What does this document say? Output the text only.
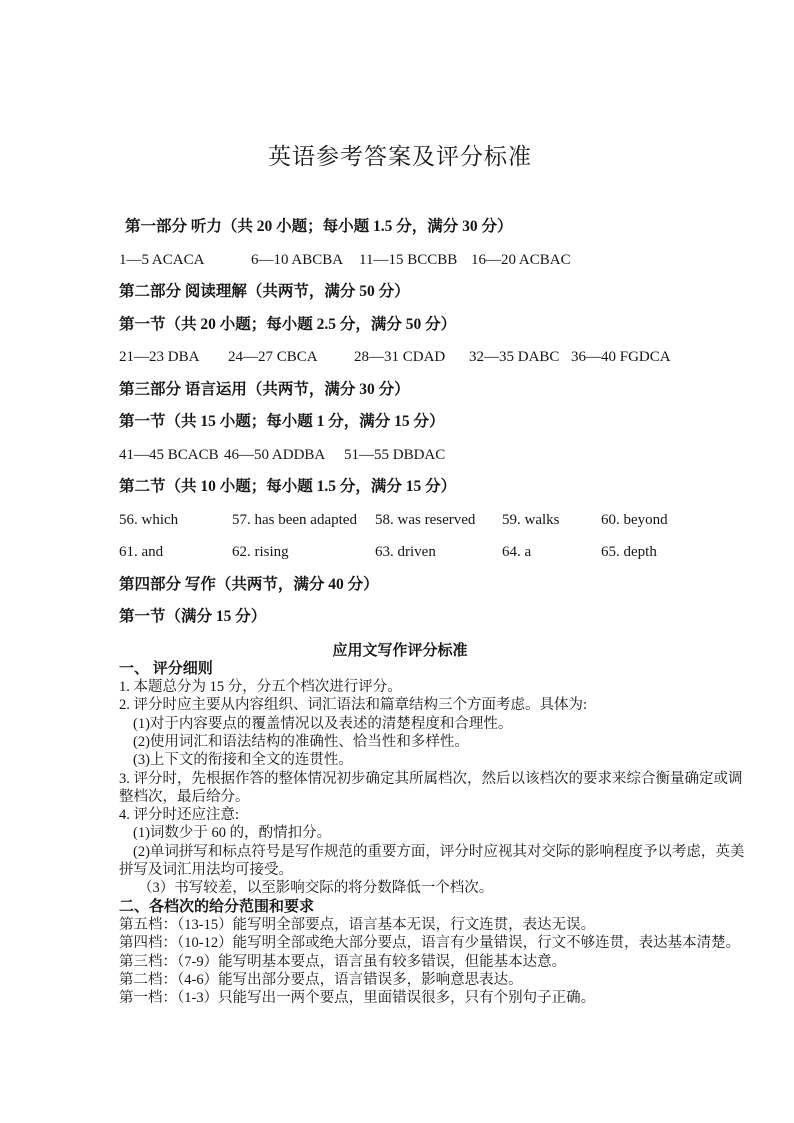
英语参考答案及评分标准
第一部分 听力（共 20 小题；每小题 1.5 分，满分 30 分）
1—5 ACACA	6—10 ABCBA	11—15 BCCBB 16—20 ACBAC
第二部分 阅读理解（共两节，满分 50 分）
第一节（共 20 小题；每小题 2.5 分，满分 50 分）
21—23 DBA	24—27 CBCA	28—31 CDAD	32—35 DABC 36—40 FGDCA
第三部分 语言运用（共两节，满分 30 分）
第一节（共 15 小题；每小题 1 分，满分 15 分）
41—45 BCACB 46—50 ADDBA	51—55 DBDAC
第二节（共 10 小题；每小题 1.5 分，满分 15 分）
56. which	57. has been adapted	58. was reserved	59. walks	60. beyond
61. and	62. rising	63. driven	64. a	65. depth
第四部分 写作（共两节，满分 40 分）
第一节（满分 15 分）
应用文写作评分标准
一、 评分细则
1. 本题总分为 15 分，分五个档次进行评分。
2. 评分时应主要从内容组织、词汇语法和篇章结构三个方面考虑。具体为:
(1)对于内容要点的覆盖情况以及表述的清楚程度和合理性。
(2)使用词汇和语法结构的准确性、恰当性和多样性。
(3)上下文的衔接和全文的连贯性。
3. 评分时，先根据作答的整体情况初步确定其所属档次，然后以该档次的要求来综合衡量确定或调
整档次，最后给分。
4. 评分时还应注意:
(1)词数少于 60 的，酌情扣分。
(2)单词拼写和标点符号是写作规范的重要方面，评分时应视其对交际的影响程度予以考虑，英美
拼写及词汇用法均可接受。
（3）书写较差，以至影响交际的将分数降低一个档次。
二、各档次的给分范围和要求
第五档：（13-15）能写明全部要点，语言基本无误，行文连贯，表达无误。
第四档：（10-12）能写明全部或绝大部分要点，语言有少量错误，行文不够连贯，表达基本清楚。
第三档：（7-9）能写明基本要点，语言虽有较多错误，但能基本达意。
第二档：（4-6）能写出部分要点，语言错误多，影响意思表达。
第一档：（1-3）只能写出一两个要点，里面错误很多，只有个别句子正确。
